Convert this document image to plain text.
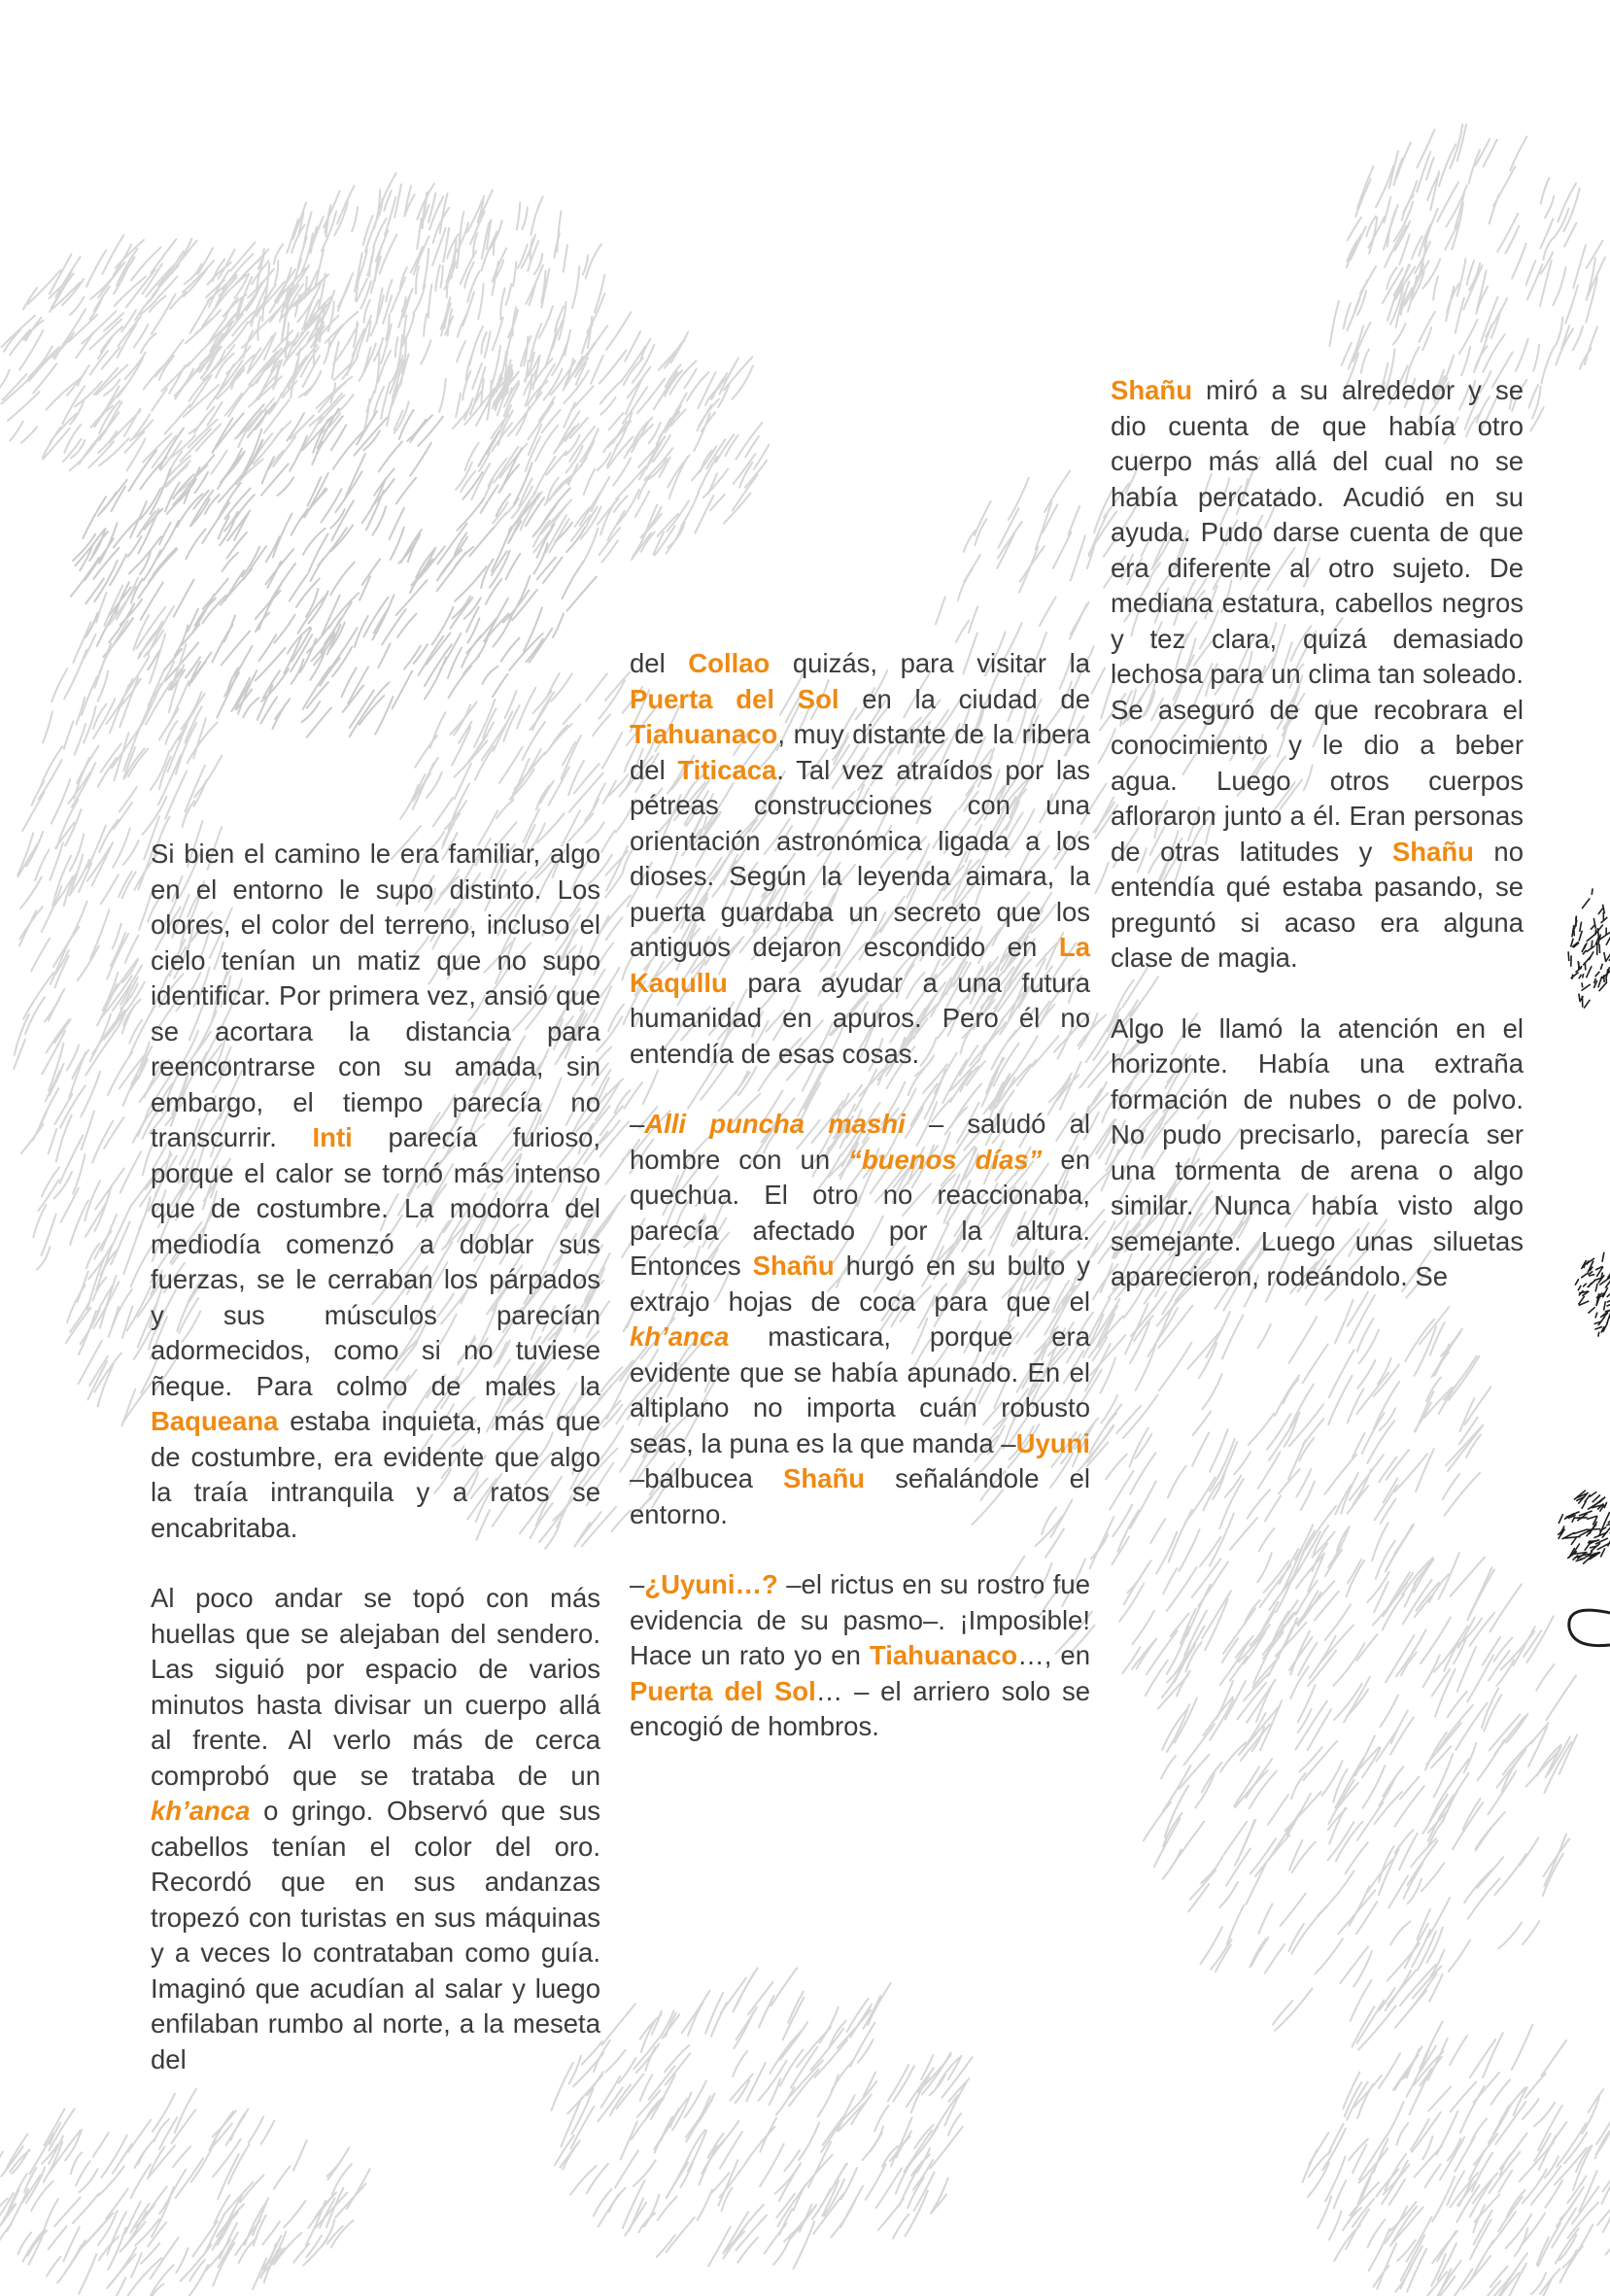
Si bien el camino le era familiar, algo en el entorno le supo distinto. Los olores, el color del terreno, incluso el cielo tenían un matiz que no supo identificar. Por primera vez, ansió que se acortara la distancia para reencontrarse con su amada, sin embargo, el tiempo parecía no transcurrir. Inti parecía furioso, porque el calor se tornó más intenso que de costumbre. La modorra del mediodía comenzó a doblar sus fuerzas, se le cerraban los párpados y sus músculos parecían adormecidos, como si no tuviese ñeque. Para colmo de males la Baqueana estaba inquieta, más que de costumbre, era evidente que algo la traía intranquila y a ratos se encabritaba.

Al poco andar se topó con más huellas que se alejaban del sendero. Las siguió por espacio de varios minutos hasta divisar un cuerpo allá al frente. Al verlo más de cerca comprobó que se trataba de un kh’anca o gringo. Observó que sus cabellos tenían el color del oro. Recordó que en sus andanzas tropezó con turistas en sus máquinas y a veces lo contrataban como guía. Imaginó que acudían al salar y luego enfilaban rumbo al norte, a la meseta del

del Collao quizás, para visitar la Puerta del Sol en la ciudad de Tiahuanaco, muy distante de la ribera del Titicaca. Tal vez atraídos por las pétreas construcciones con una orientación astronómica ligada a los dioses. Según la leyenda aimara, la puerta guardaba un secreto que los antiguos dejaron escondido en La Kaqullu para ayudar a una futura humanidad en apuros. Pero él no entendía de esas cosas.

–Alli puncha mashi – saludó al hombre con un “buenos días” en quechua. El otro no reaccionaba, parecía afectado por la altura. Entonces Shañu hurgó en su bulto y extrajo hojas de coca para que el kh’anca masticara, porque era evidente que se había apunado. En el altiplano no importa cuán robusto seas, la puna es la que manda –Uyuni –balbucea Shañu señalándole el entorno.

–¿Uyuni…? –el rictus en su rostro fue evidencia de su pasmo–. ¡Imposible! Hace un rato yo en Tiahuanaco…, en Puerta del Sol… – el arriero solo se encogió de hombros.

Shañu miró a su alrededor y se dio cuenta de que había otro cuerpo más allá del cual no se había percatado. Acudió en su ayuda. Pudo darse cuenta de que era diferente al otro sujeto. De mediana estatura, cabellos negros y tez clara, quizá demasiado lechosa para un clima tan soleado. Se aseguró de que recobrara el conocimiento y le dio a beber agua. Luego otros cuerpos afloraron junto a él. Eran personas de otras latitudes y Shañu no entendía qué estaba pasando, se preguntó si acaso era alguna clase de magia.

Algo le llamó la atención en el horizonte. Había una extraña formación de nubes o de polvo. No pudo precisarlo, parecía ser una tormenta de arena o algo similar. Nunca había visto algo semejante. Luego unas siluetas aparecieron, rodeándolo. Se
